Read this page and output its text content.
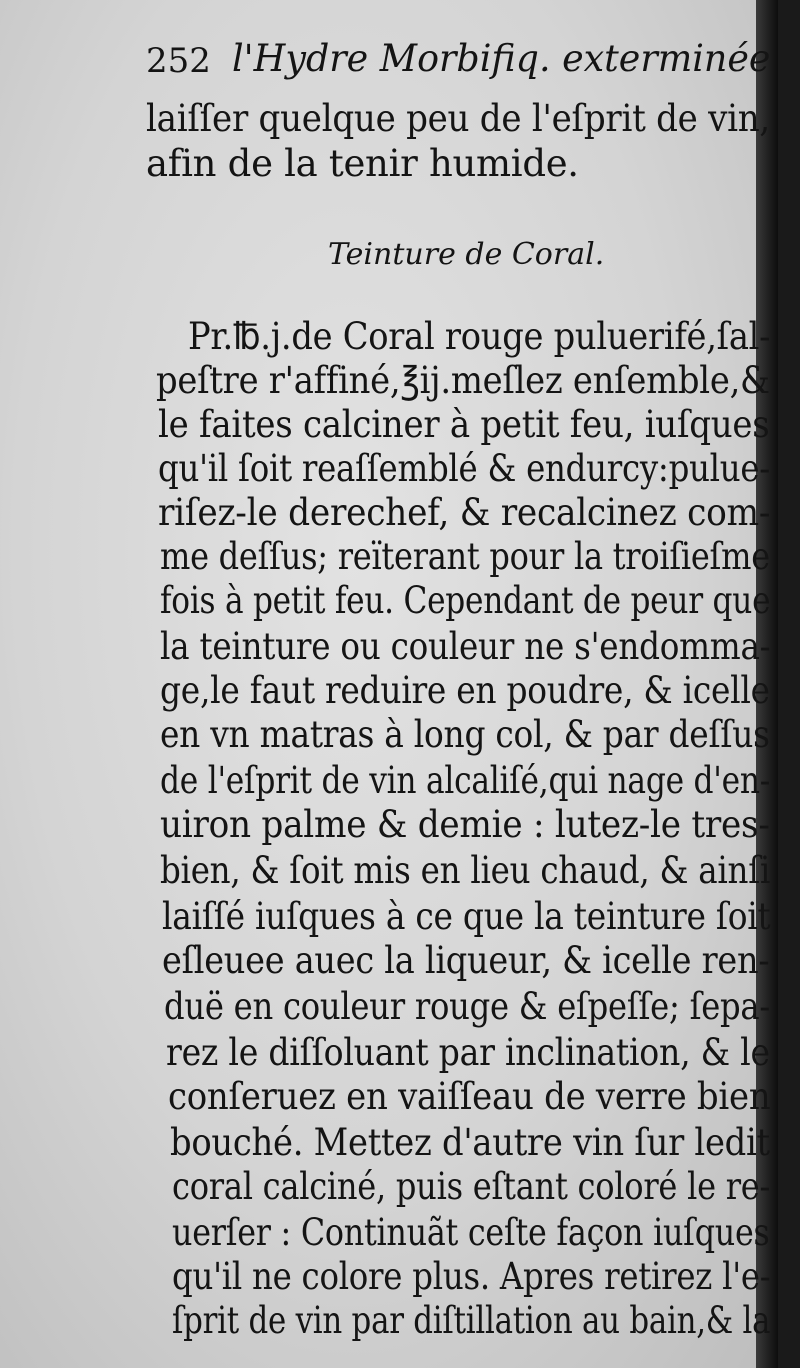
252 l'Hydre Morbifiq. exterminée
laiſſer quelque peu de l'eſprit de vin,
afin de la tenir humide.
Teinture de Coral.
Pr.℔.j.de Coral rouge puluerifé,ſal-
peſtre r'affiné,℥ij.meſlez enſemble,&
le faites calciner à petit feu, iuſques
qu'il ſoit reaſſemblé & endurcy:pulue-
riſez-le derechef, & recalcinez com-
me deſſus; reïterant pour la troiſieſme
fois à petit feu. Cependant de peur que
la teinture ou couleur ne s'endomma-
ge,le faut reduire en poudre, & icelle
en vn matras à long col, & par deſſus
de l'eſprit de vin alcaliſé,qui nage d'en-
uiron palme & demie : lutez-le tres-
bien, & ſoit mis en lieu chaud, & ainſi
laiſſé iuſques à ce que la teinture ſoit
eſleuee auec la liqueur, & icelle ren-
duë en couleur rouge & eſpeſſe; ſepa-
rez le diſſoluant par inclination, & le
conſeruez en vaiſſeau de verre bien
bouché. Mettez d'autre vin ſur ledit
coral calciné, puis eſtant coloré le re-
uerſer : Continuãt ceſte façon iuſques
qu'il ne colore plus. Apres retirez l'e-
ſprit de vin par diſtillation au bain,& la
